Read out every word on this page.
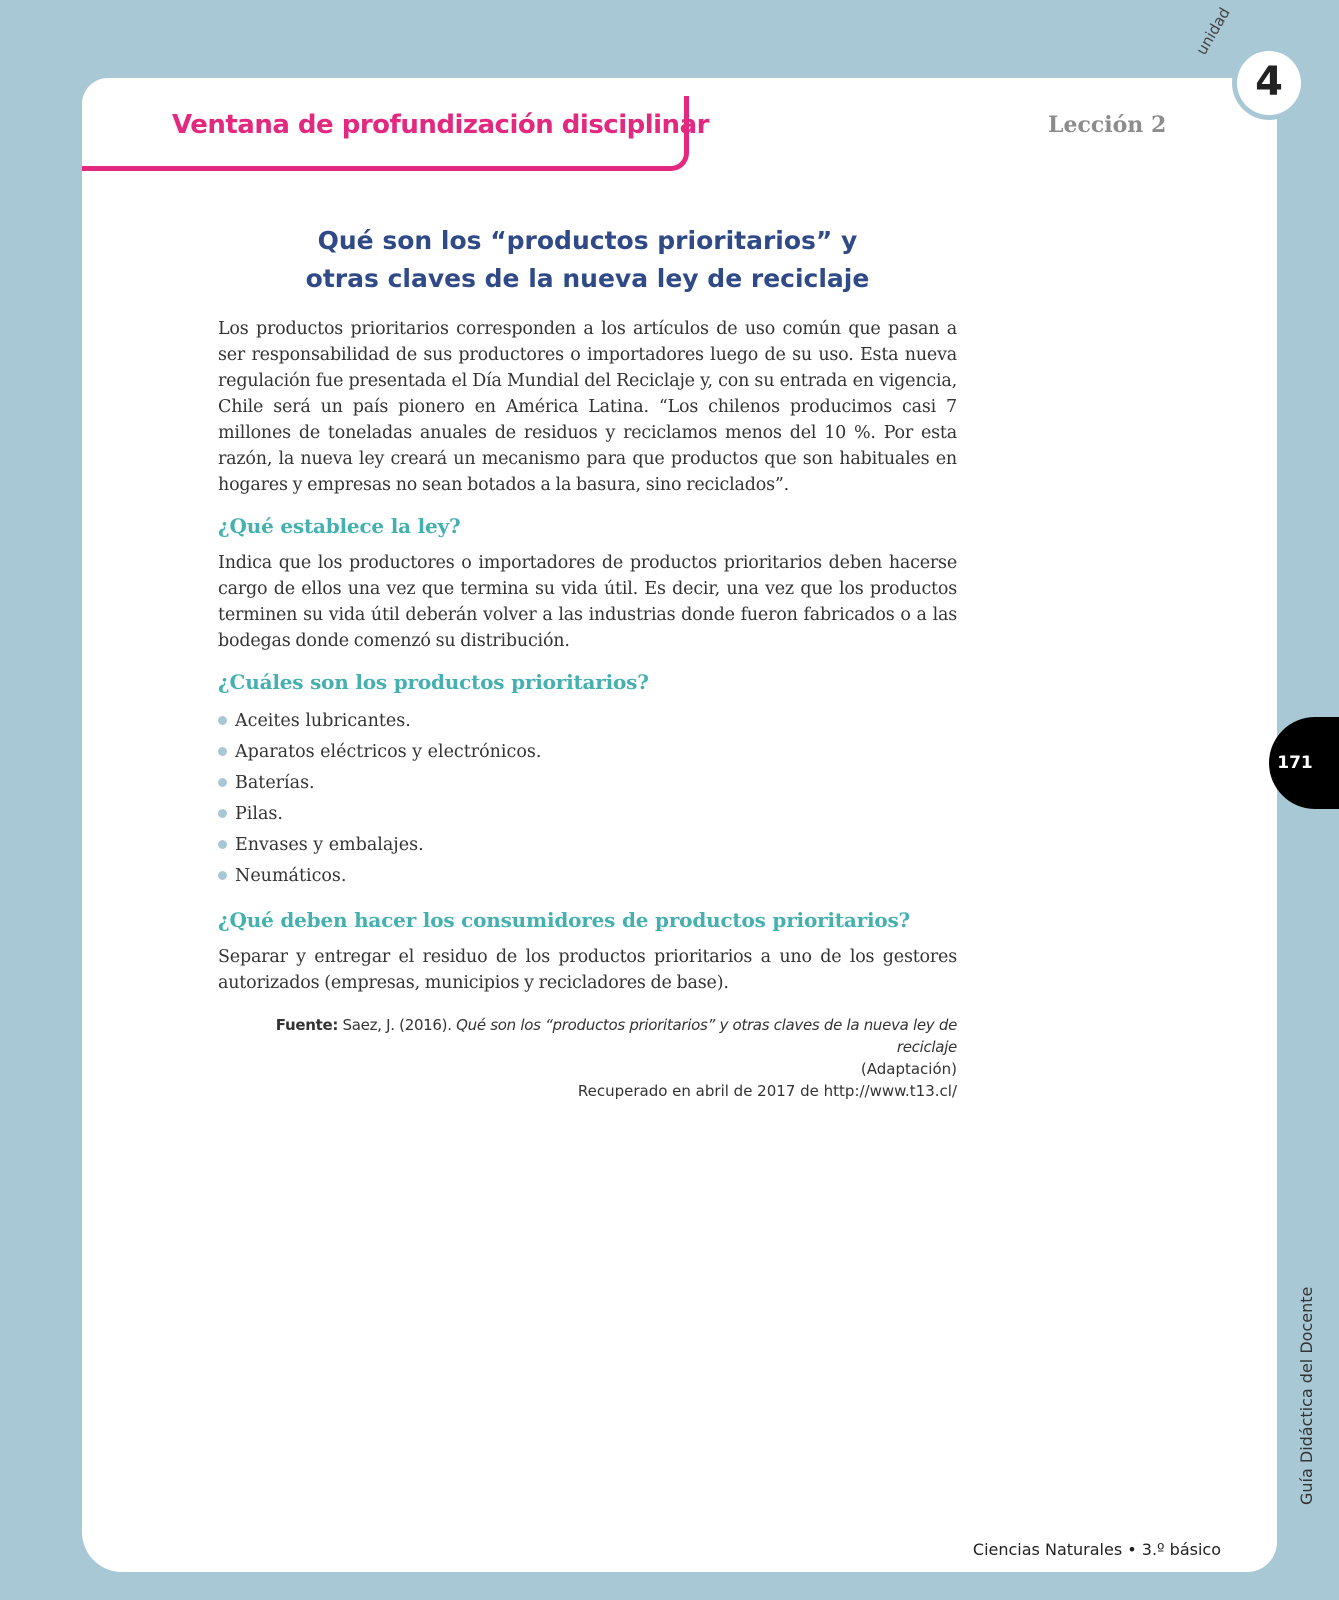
Ventana de profundización disciplinar	Lección 2
unidad
4
171
Guía Didáctica del Docente
Ciencias Naturales • 3.º básico
Qué son los “productos prioritarios” y
otras claves de la nueva ley de reciclaje

Los productos prioritarios corresponden a los artículos de uso común que pasan a ser responsabilidad de sus productores o importadores luego de su uso. Esta nueva regulación fue presentada el Día Mundial del Reciclaje y, con su entrada en vigencia, Chile será un país pionero en América Latina. “Los chilenos producimos casi 7 millones de toneladas anuales de residuos y reciclamos menos del 10 %. Por esta razón, la nueva ley creará un mecanismo para que productos que son habituales en hogares y empresas no sean botados a la basura, sino reciclados”.

¿Qué establece la ley?

Indica que los productores o importadores de productos prioritarios deben hacerse cargo de ellos una vez que termina su vida útil. Es decir, una vez que los productos terminen su vida útil deberán volver a las industrias donde fueron fabricados o a las bodegas donde comenzó su distribución.

¿Cuáles son los productos prioritarios?
Aceites lubricantes.
Aparatos eléctricos y electrónicos.
Baterías.
Pilas.
Envases y embalajes.
Neumáticos.
¿Qué deben hacer los consumidores de productos prioritarios?

Separar y entregar el residuo de los productos prioritarios a uno de los gestores autorizados (empresas, municipios y recicladores de base).

Fuente: Saez, J. (2016). Qué son los “productos prioritarios” y otras claves de la nueva ley de reciclaje
(Adaptación)
Recuperado en abril de 2017 de http://www.t13.cl/
